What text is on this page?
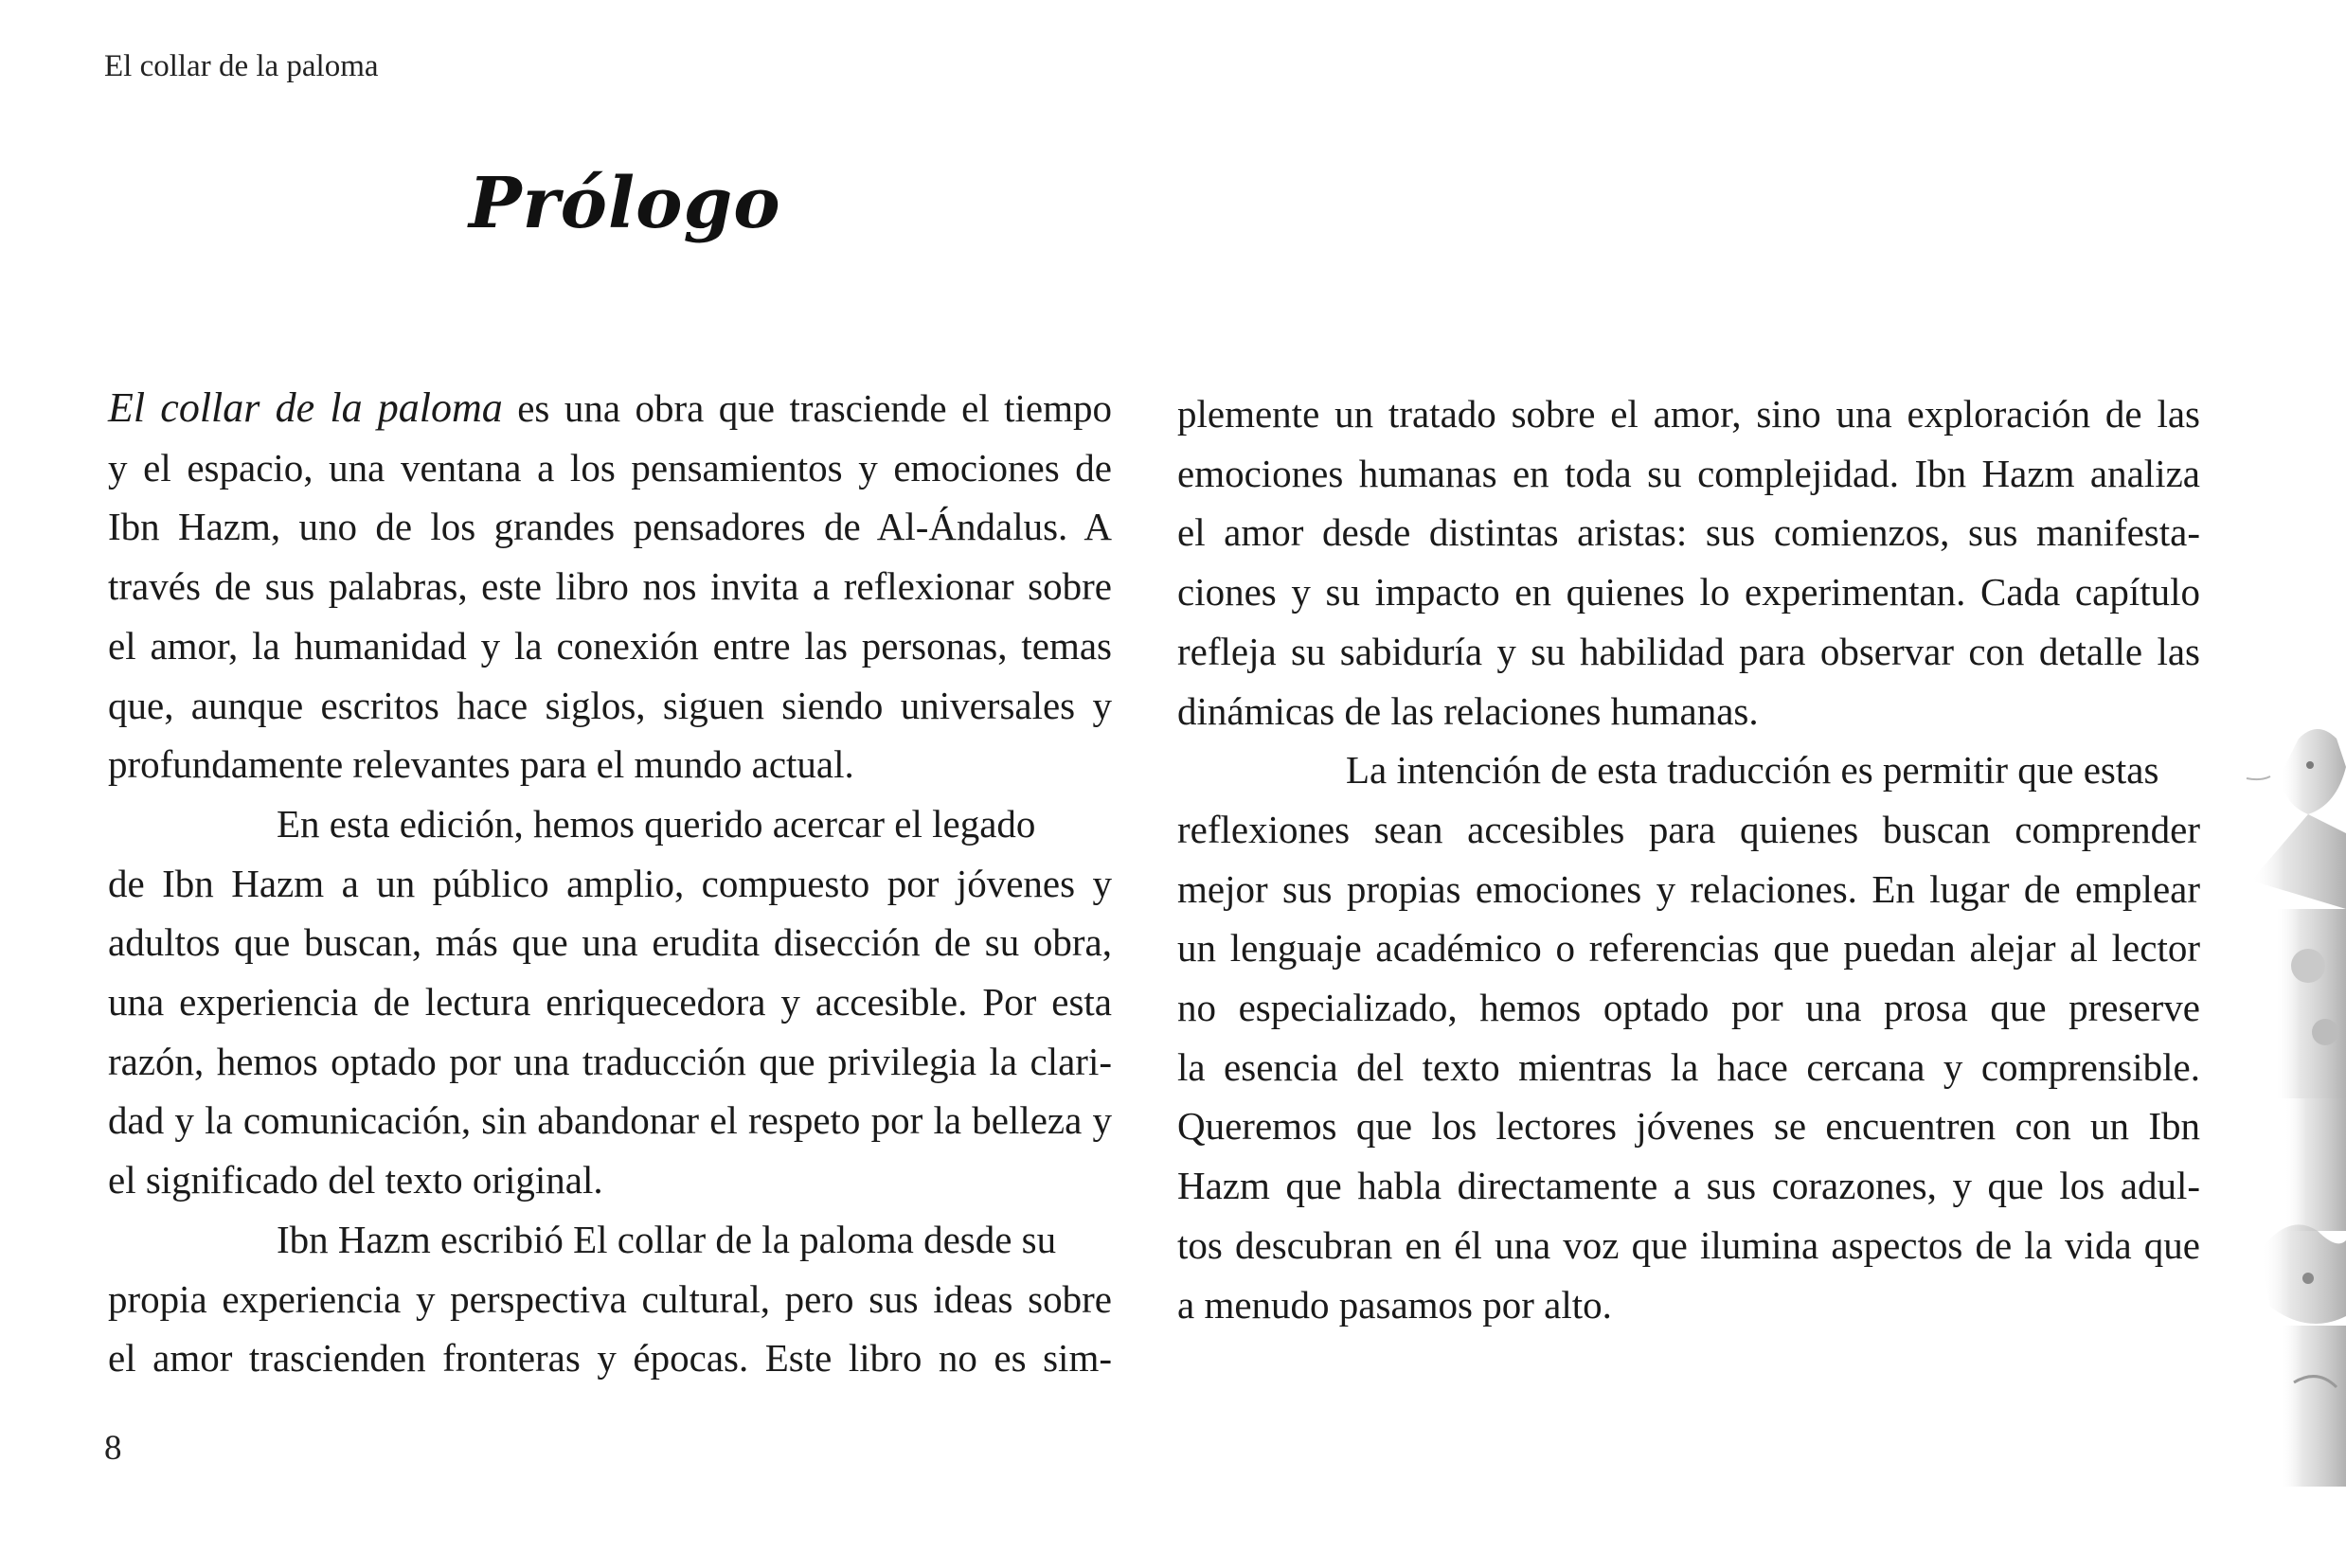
El collar de la paloma
Prólogo
El collar de la paloma es una obra que trasciende el tiempo
y el espacio, una ventana a los pensamientos y emociones de
Ibn Hazm, uno de los grandes pensadores de Al-Ándalus. A
través de sus palabras, este libro nos invita a reflexionar sobre
el amor, la humanidad y la conexión entre las personas, temas
que, aunque escritos hace siglos, siguen siendo universales y
profundamente relevantes para el mundo actual.
En esta edición, hemos querido acercar el legado
de Ibn Hazm a un público amplio, compuesto por jóvenes y
adultos que buscan, más que una erudita disección de su obra,
una experiencia de lectura enriquecedora y accesible. Por esta
razón, hemos optado por una traducción que privilegia la clari-
dad y la comunicación, sin abandonar el respeto por la belleza y
el significado del texto original.
Ibn Hazm escribió El collar de la paloma desde su
propia experiencia y perspectiva cultural, pero sus ideas sobre
el amor trascienden fronteras y épocas. Este libro no es sim-
plemente un tratado sobre el amor, sino una exploración de las
emociones humanas en toda su complejidad. Ibn Hazm analiza
el amor desde distintas aristas: sus comienzos, sus manifesta-
ciones y su impacto en quienes lo experimentan. Cada capítulo
refleja su sabiduría y su habilidad para observar con detalle las
dinámicas de las relaciones humanas.
La intención de esta traducción es permitir que estas
reflexiones sean accesibles para quienes buscan comprender
mejor sus propias emociones y relaciones. En lugar de emplear
un lenguaje académico o referencias que puedan alejar al lector
no especializado, hemos optado por una prosa que preserve
la esencia del texto mientras la hace cercana y comprensible.
Queremos que los lectores jóvenes se encuentren con un Ibn
Hazm que habla directamente a sus corazones, y que los adul-
tos descubran en él una voz que ilumina aspectos de la vida que
a menudo pasamos por alto.
8
